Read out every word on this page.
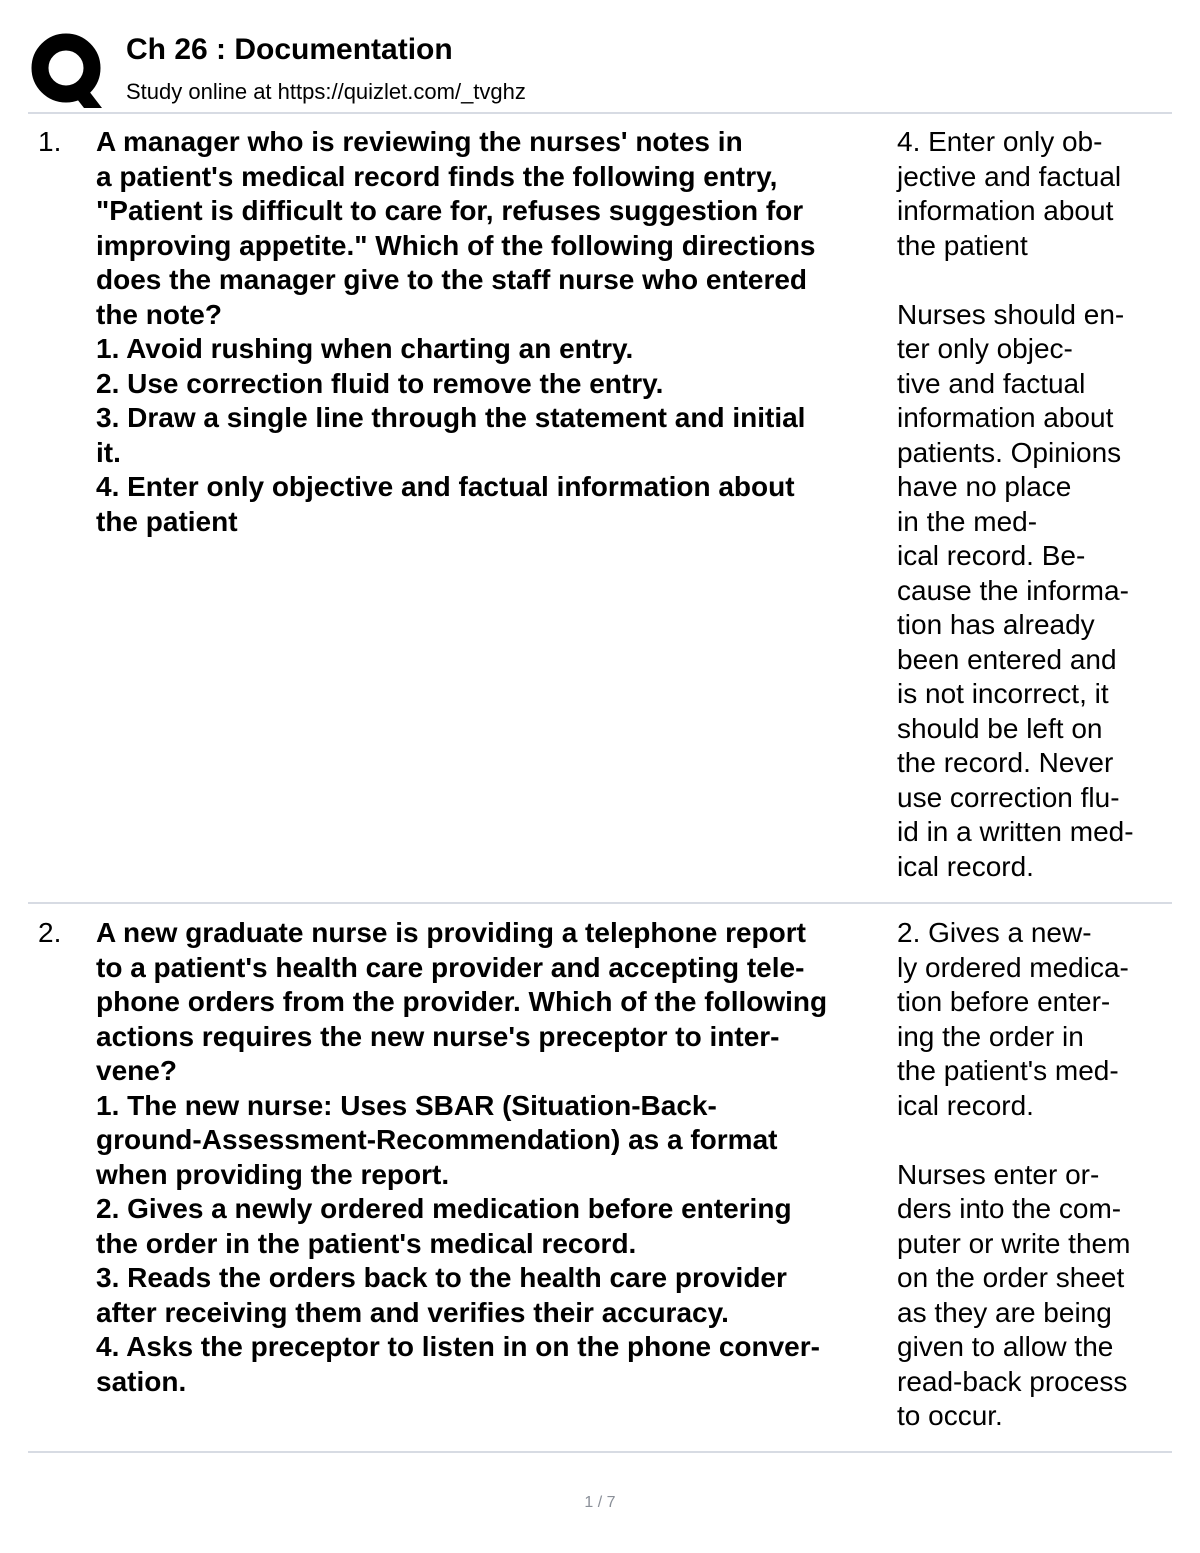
Ch 26 : Documentation
Study online at https://quizlet.com/_tvghz
1. A manager who is reviewing the nurses' notes in
a patient's medical record finds the following entry,
"Patient is difficult to care for, refuses suggestion for
improving appetite." Which of the following directions
does the manager give to the staff nurse who entered
the note?
1. Avoid rushing when charting an entry.
2. Use correction fluid to remove the entry.
3. Draw a single line through the statement and initial
it.
4. Enter only objective and factual information about
the patient
4. Enter only ob-
jective and factual
information about
the patient

Nurses should en-
ter only objec-
tive and factual
information about
patients. Opinions
have no place
in the med-
ical record. Be-
cause the informa-
tion has already
been entered and
is not incorrect, it
should be left on
the record. Never
use correction flu-
id in a written med-
ical record.
2. A new graduate nurse is providing a telephone report
to a patient's health care provider and accepting tele-
phone orders from the provider. Which of the following
actions requires the new nurse's preceptor to inter-
vene?
1. The new nurse: Uses SBAR (Situation-Back-
ground-Assessment-Recommendation) as a format
when providing the report.
2. Gives a newly ordered medication before entering
the order in the patient's medical record.
3. Reads the orders back to the health care provider
after receiving them and verifies their accuracy.
4. Asks the preceptor to listen in on the phone conver-
sation.
2. Gives a new-
ly ordered medica-
tion before enter-
ing the order in
the patient's med-
ical record.

Nurses enter or-
ders into the com-
puter or write them
on the order sheet
as they are being
given to allow the
read-back process
to occur.
1 / 7
